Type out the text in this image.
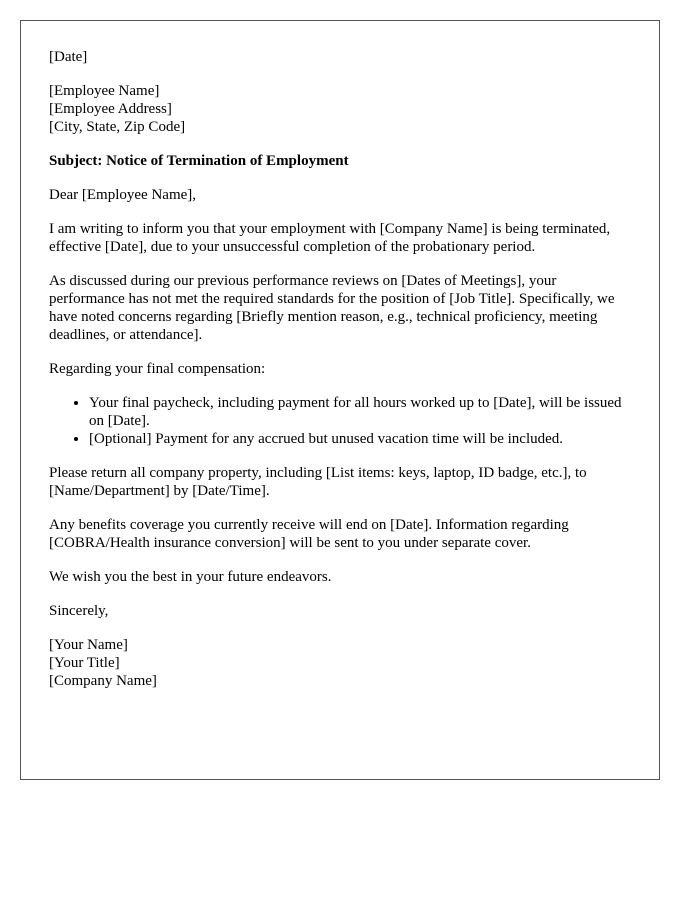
[Date]

[Employee Name]
[Employee Address]
[City, State, Zip Code]

Subject: Notice of Termination of Employment

Dear [Employee Name],

I am writing to inform you that your employment with [Company Name] is being terminated, effective [Date], due to your unsuccessful completion of the probationary period.

As discussed during our previous performance reviews on [Dates of Meetings], your performance has not met the required standards for the position of [Job Title]. Specifically, we have noted concerns regarding [Briefly mention reason, e.g., technical proficiency, meeting deadlines, or attendance].

Regarding your final compensation:

• Your final paycheck, including payment for all hours worked up to [Date], will be issued on [Date].
• [Optional] Payment for any accrued but unused vacation time will be included.

Please return all company property, including [List items: keys, laptop, ID badge, etc.], to [Name/Department] by [Date/Time].

Any benefits coverage you currently receive will end on [Date]. Information regarding [COBRA/Health insurance conversion] will be sent to you under separate cover.

We wish you the best in your future endeavors.

Sincerely,

[Your Name]
[Your Title]
[Company Name]
